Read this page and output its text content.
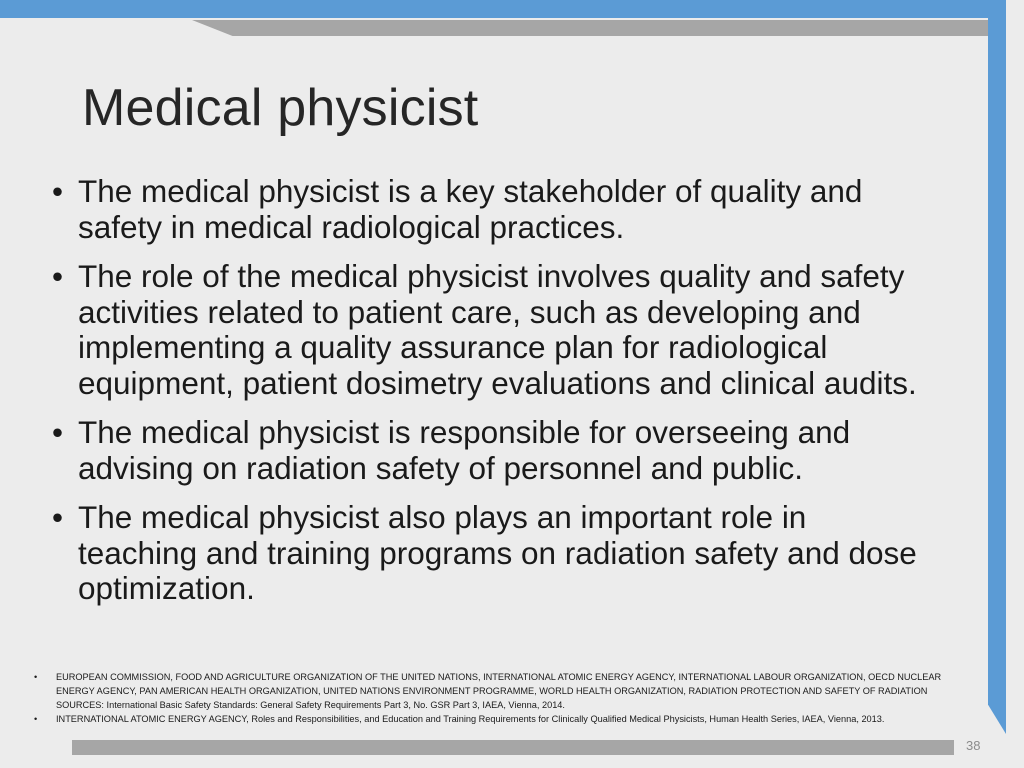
Medical physicist
• The medical physicist is a key stakeholder of quality and safety in medical radiological practices.
• The role of the medical physicist involves quality and safety activities related to patient care, such as developing and implementing a quality assurance plan for radiological equipment, patient dosimetry evaluations and clinical audits.
• The medical physicist is responsible for overseeing and advising on radiation safety of personnel and public.
• The medical physicist also plays an important role in teaching and training programs on radiation safety and dose optimization.
• EUROPEAN COMMISSION, FOOD AND AGRICULTURE ORGANIZATION OF THE UNITED NATIONS, INTERNATIONAL ATOMIC ENERGY AGENCY, INTERNATIONAL LABOUR ORGANIZATION, OECD NUCLEAR ENERGY AGENCY, PAN AMERICAN HEALTH ORGANIZATION, UNITED NATIONS ENVIRONMENT PROGRAMME, WORLD HEALTH ORGANIZATION, RADIATION PROTECTION AND SAFETY OF RADIATION SOURCES: International Basic Safety Standards: General Safety Requirements Part 3, No. GSR Part 3, IAEA, Vienna, 2014.
• INTERNATIONAL ATOMIC ENERGY AGENCY, Roles and Responsibilities, and Education and Training Requirements for Clinically Qualified Medical Physicists, Human Health Series, IAEA, Vienna, 2013.
38
